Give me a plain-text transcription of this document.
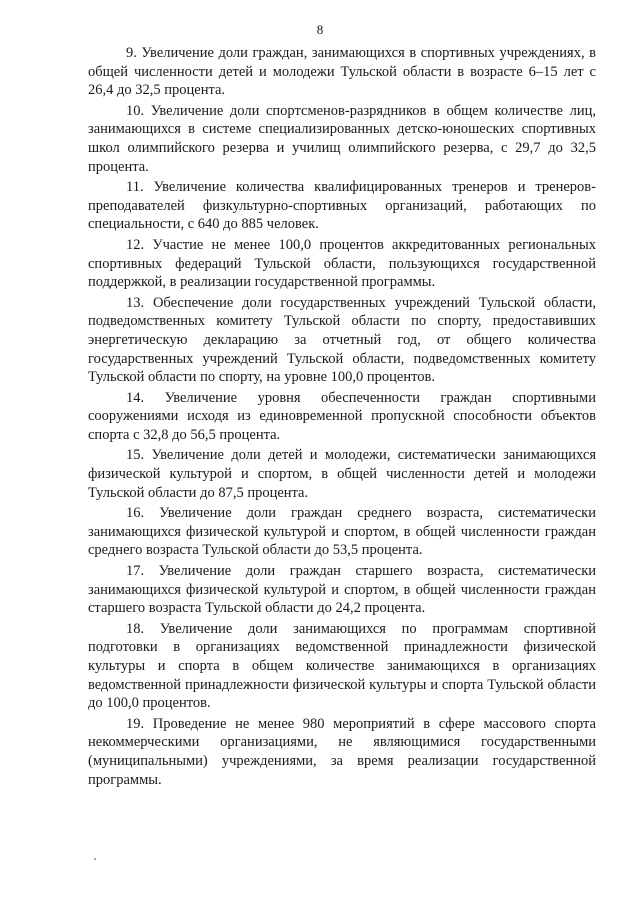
8

9. Увеличение доли граждан, занимающихся в спортивных учреждениях, в общей численности детей и молодежи Тульской области в возрасте 6–15 лет с 26,4 до 32,5 процента.

10. Увеличение доли спортсменов-разрядников в общем количестве лиц, занимающихся в системе специализированных детско-юношеских спортивных школ олимпийского резерва и училищ олимпийского резерва, с 29,7 до 32,5 процента.

11. Увеличение количества квалифицированных тренеров и тренеров-преподавателей физкультурно-спортивных организаций, работающих по специальности, с 640 до 885 человек.

12. Участие не менее 100,0 процентов аккредитованных региональных спортивных федераций Тульской области, пользующихся государственной поддержкой, в реализации государственной программы.

13. Обеспечение доли государственных учреждений Тульской области, подведомственных комитету Тульской области по спорту, предоставивших энергетическую декларацию за отчетный год, от общего количества государственных учреждений Тульской области, подведомственных комитету Тульской области по спорту, на уровне 100,0 процентов.

14. Увеличение уровня обеспеченности граждан спортивными сооружениями исходя из единовременной пропускной способности объектов спорта с 32,8 до 56,5 процента.

15. Увеличение доли детей и молодежи, систематически занимающихся физической культурой и спортом, в общей численности детей и молодежи Тульской области до 87,5 процента.

16. Увеличение доли граждан среднего возраста, систематически занимающихся физической культурой и спортом, в общей численности граждан среднего возраста Тульской области до 53,5 процента.

17. Увеличение доли граждан старшего возраста, систематически занимающихся физической культурой и спортом, в общей численности граждан старшего возраста Тульской области до 24,2 процента.

18. Увеличение доли занимающихся по программам спортивной подготовки в организациях ведомственной принадлежности физической культуры и спорта в общем количестве занимающихся в организациях ведомственной принадлежности физической культуры и спорта Тульской области до 100,0 процентов.

19. Проведение не менее 980 мероприятий в сфере массового спорта некоммерческими организациями, не являющимися государственными (муниципальными) учреждениями, за время реализации государственной программы.
